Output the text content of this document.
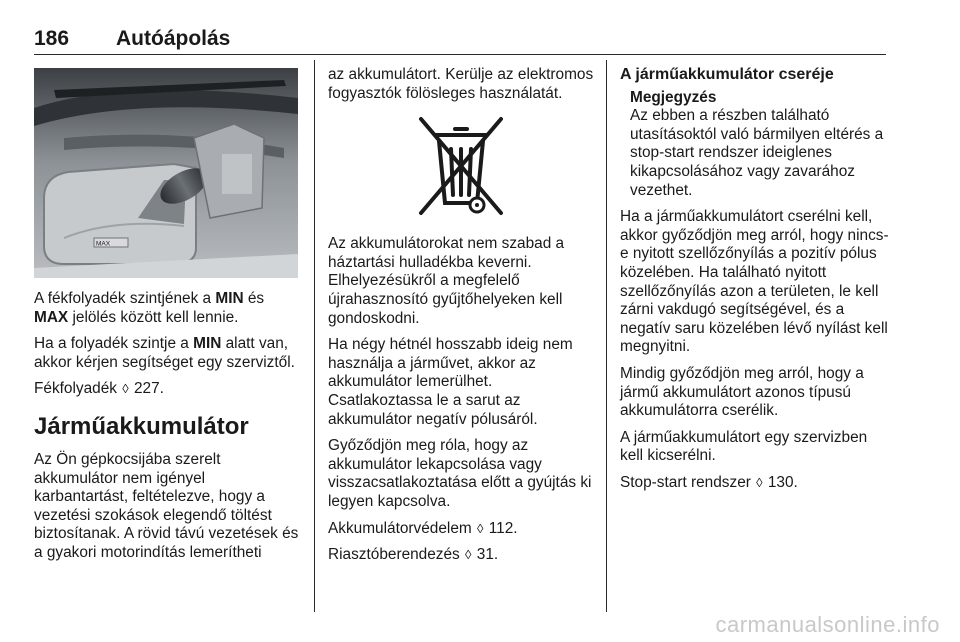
186 Autóápolás
MAX

A fékfolyadék szintjének a MIN és MAX jelölés között kell lennie.

Ha a folyadék szintje a MIN alatt van, akkor kérjen segítséget egy szerviztől.

Fékfolyadék ◊ 227.

Járműakkumulátor

Az Ön gépkocsijába szerelt akkumulátor nem igényel karbantartást, feltételezve, hogy a vezetési szokások elegendő töltést biztosítanak. A rövid távú vezetések és a gyakori motorindítás lemerítheti

az akkumulátort. Kerülje az elektromos fogyasztók fölösleges használatát.

Az akkumulátorokat nem szabad a háztartási hulladékba keverni. Elhelyezésükről a megfelelő újrahasznosító gyűjtőhelyeken kell gondoskodni.

Ha négy hétnél hosszabb ideig nem használja a járművet, akkor az akkumulátor lemerülhet. Csatlakoztassa le a sarut az akkumulátor negatív pólusáról.

Győződjön meg róla, hogy az akkumulátor lekapcsolása vagy visszacsatlakoztatása előtt a gyújtás ki legyen kapcsolva.

Akkumulátorvédelem ◊ 112.

Riasztóberendezés ◊ 31.

A járműakkumulátor cseréje
Megjegyzés
Az ebben a részben található utasításoktól való bármilyen eltérés a stop-start rendszer ideiglenes kikapcsolásához vagy zavarához vezethet.

Ha a járműakkumulátort cserélni kell, akkor győződjön meg arról, hogy nincs-e nyitott szellőzőnyílás a pozitív pólus közelében. Ha található nyitott szellőzőnyílás azon a területen, le kell zárni vakdugó segítségével, és a negatív saru közelében lévő nyílást kell megnyitni.

Mindig győződjön meg arról, hogy a jármű akkumulátort azonos típusú akkumulátorra cserélik.

A járműakkumulátort egy szervizben kell kicserélni.

Stop-start rendszer ◊ 130.

carmanualsonline.info
